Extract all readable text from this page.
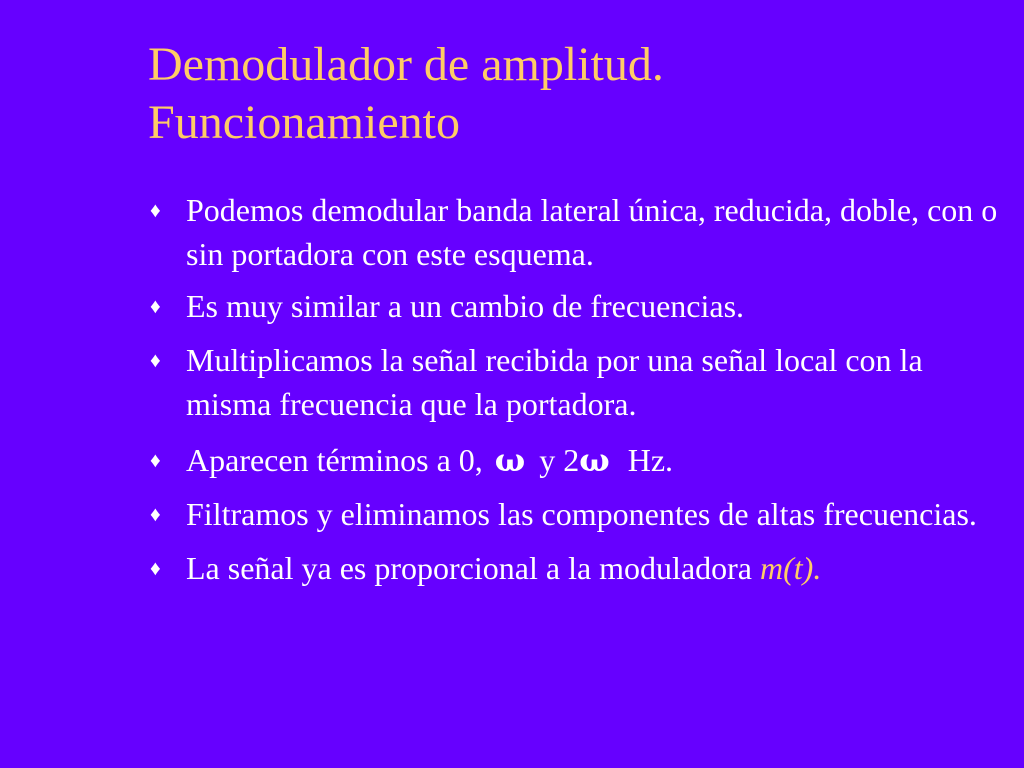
Demodulador de amplitud.
Funcionamiento
♦ Podemos demodular banda lateral única, reducida, doble, con o sin portadora con este esquema.
♦ Es muy similar a un cambio de frecuencias.
♦ Multiplicamos la señal recibida por una señal local con la misma frecuencia que la portadora.
♦ Aparecen términos a 0, ω y 2ω Hz.
♦ Filtramos y eliminamos las componentes de altas frecuencias.
♦ La señal ya es proporcional a la moduladora m(t).
